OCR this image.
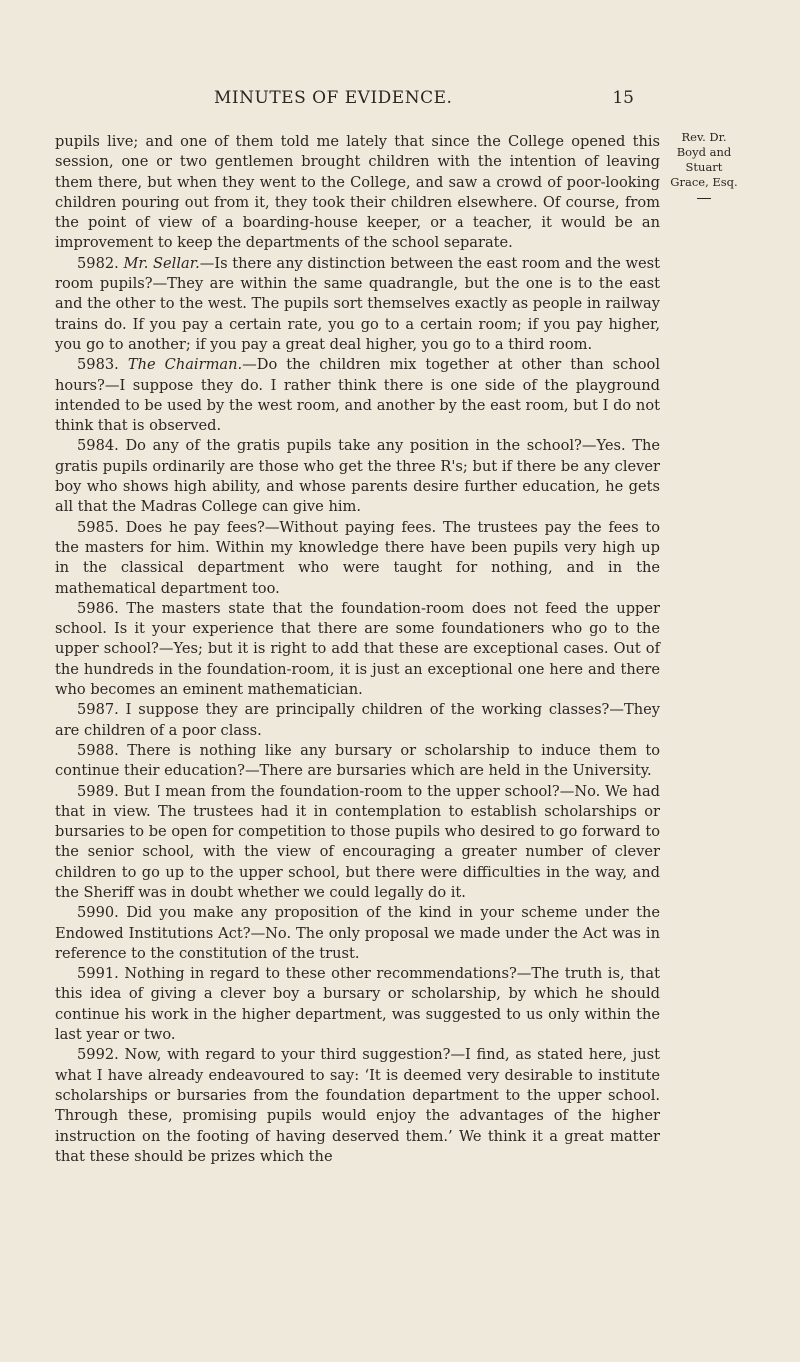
MINUTES OF EVIDENCE.	15
Rev. Dr.
Boyd and
Stuart
Grace, Esq.

pupils live; and one of them told me lately that since the College opened this session, one or two gentlemen brought children with the intention of leaving them there, but when they went to the College, and saw a crowd of poor-looking children pouring out from it, they took their children elsewhere. Of course, from the point of view of a boarding-house keeper, or a teacher, it would be an improvement to keep the departments of the school separate.

5982. Mr. Sellar.—Is there any distinction between the east room and the west room pupils?—They are within the same quadrangle, but the one is to the east and the other to the west. The pupils sort themselves exactly as people in railway trains do. If you pay a certain rate, you go to a certain room; if you pay higher, you go to another; if you pay a great deal higher, you go to a third room.

5983. The Chairman.—Do the children mix together at other than school hours?—I suppose they do. I rather think there is one side of the playground intended to be used by the west room, and another by the east room, but I do not think that is observed.

5984. Do any of the gratis pupils take any position in the school?—Yes. The gratis pupils ordinarily are those who get the three R's; but if there be any clever boy who shows high ability, and whose parents desire further education, he gets all that the Madras College can give him.

5985. Does he pay fees?—Without paying fees. The trustees pay the fees to the masters for him. Within my knowledge there have been pupils very high up in the classical department who were taught for nothing, and in the mathematical department too.

5986. The masters state that the foundation-room does not feed the upper school. Is it your experience that there are some foundationers who go to the upper school?—Yes; but it is right to add that these are exceptional cases. Out of the hundreds in the foundation-room, it is just an exceptional one here and there who becomes an eminent mathematician.

5987. I suppose they are principally children of the working classes?—They are children of a poor class.

5988. There is nothing like any bursary or scholarship to induce them to continue their education?—There are bursaries which are held in the University.

5989. But I mean from the foundation-room to the upper school?—No. We had that in view. The trustees had it in contemplation to establish scholarships or bursaries to be open for competition to those pupils who desired to go forward to the senior school, with the view of encouraging a greater number of clever children to go up to the upper school, but there were difficulties in the way, and the Sheriff was in doubt whether we could legally do it.

5990. Did you make any proposition of the kind in your scheme under the Endowed Institutions Act?—No. The only proposal we made under the Act was in reference to the constitution of the trust.

5991. Nothing in regard to these other recommendations?—The truth is, that this idea of giving a clever boy a bursary or scholarship, by which he should continue his work in the higher department, was suggested to us only within the last year or two.

5992. Now, with regard to your third suggestion?—I find, as stated here, just what I have already endeavoured to say: ‘It is deemed very desirable to institute scholarships or bursaries from the foundation department to the upper school. Through these, promising pupils would enjoy the advantages of the higher instruction on the footing of having deserved them.’ We think it a great matter that these should be prizes which the
